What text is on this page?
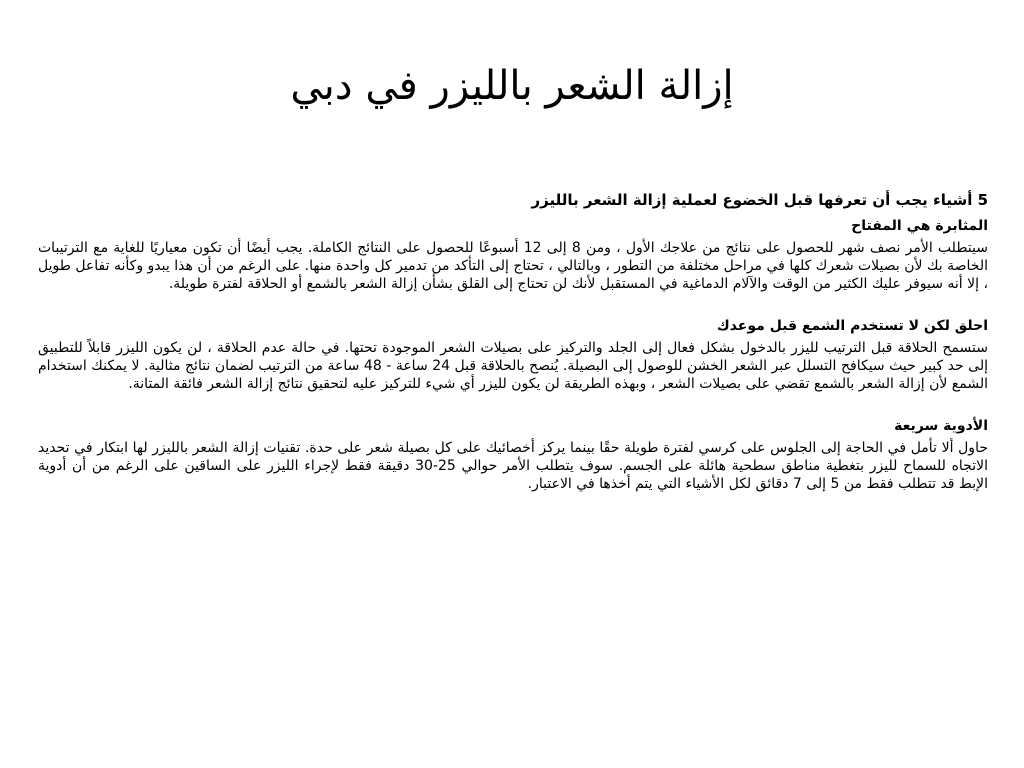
إزالة الشعر بالليزر في دبي
5 أشياء يجب أن تعرفها قبل الخضوع لعملية إزالة الشعر بالليزر
المثابرة هي المفتاح

سيتطلب الأمر نصف شهر للحصول على نتائج من علاجك الأول ، ومن 8 إلى 12 أسبوعًا للحصول على النتائج الكاملة. يجب أيضًا أن تكون معياريًا للغاية مع الترتيبات الخاصة بك لأن بصيلات شعرك كلها في مراحل مختلفة من التطور ، وبالتالي ، تحتاج إلى التأكد من تدمير كل واحدة منها. على الرغم من أن هذا يبدو وكأنه تفاعل طويل ، إلا أنه سيوفر عليك الكثير من الوقت والآلام الدماغية في المستقبل لأنك لن تحتاج إلى القلق بشأن إزالة الشعر بالشمع أو الحلاقة لفترة طويلة.

احلق لكن لا تستخدم الشمع قبل موعدك

ستسمح الحلاقة قبل الترتيب لليزر بالدخول بشكل فعال إلى الجلد والتركيز على بصيلات الشعر الموجودة تحتها. في حالة عدم الحلاقة ، لن يكون الليزر قابلاً للتطبيق إلى حد كبير حيث سيكافح التسلل عبر الشعر الخشن للوصول إلى البصيلة. يُنصح بالحلاقة قبل 24 ساعة - 48 ساعة من الترتيب لضمان نتائج مثالية. لا يمكنك استخدام الشمع لأن إزالة الشعر بالشمع تقضي على بصيلات الشعر ، وبهذه الطريقة لن يكون لليزر أي شيء للتركيز عليه لتحقيق نتائج إزالة الشعر فائقة المتانة.

الأدوية سريعة

حاول ألا تأمل في الحاجة إلى الجلوس على كرسي لفترة طويلة حقًا بينما يركز أخصائيك على كل بصيلة شعر على حدة. تقنيات إزالة الشعر بالليزر لها ابتكار في تحديد الاتجاه للسماح لليزر بتغطية مناطق سطحية هائلة على الجسم. سوف يتطلب الأمر حوالي 25-30 دقيقة فقط لإجراء الليزر على الساقين على الرغم من أن أدوية الإبط قد تتطلب فقط من 5 إلى 7 دقائق لكل الأشياء التي يتم أخذها في الاعتبار.
